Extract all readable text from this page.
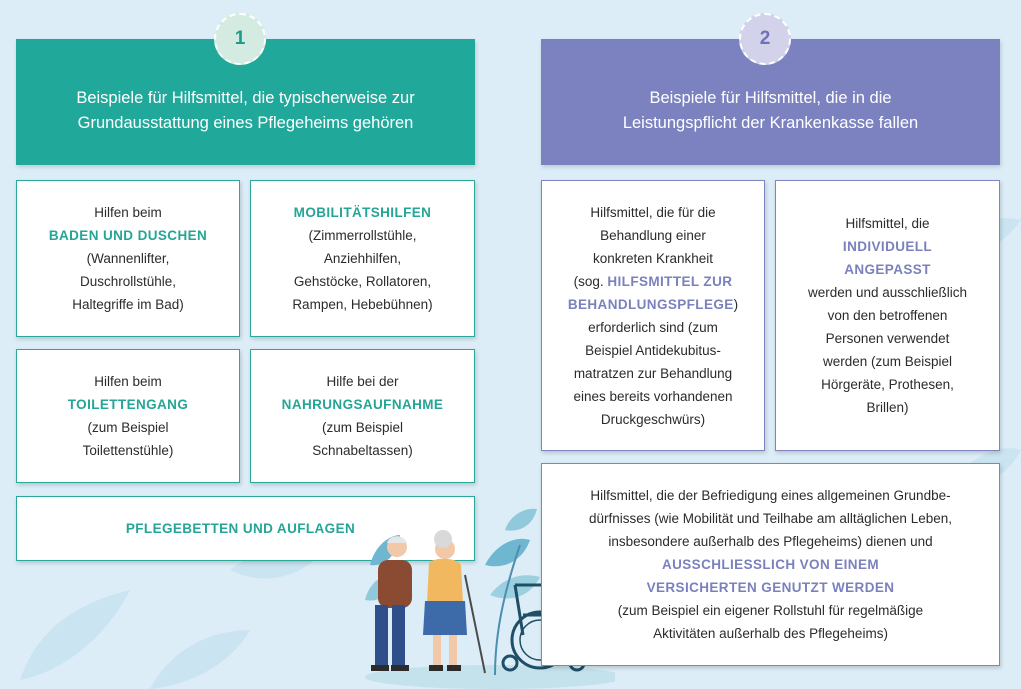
Beispiele für Hilfsmittel, die typischerweise zur
Grundausstattung eines Pflegeheims gehören
1
Hilfen beim
BADEN UND DUSCHEN
(Wannenlifter,
Duschrollstühle,
Haltegriffe im Bad)
MOBILITÄTSHILFEN
(Zimmerrollstühle,
Anziehhilfen,
Gehstöcke, Rollatoren,
Rampen, Hebebühnen)
Hilfen beim
TOILETTENGANG
(zum Beispiel
Toilettenstühle)
Hilfe bei der
NAHRUNGSAUFNAHME
(zum Beispiel
Schnabeltassen)
PFLEGEBETTEN UND AUFLAGEN
Beispiele für Hilfsmittel, die in die
Leistungspflicht der Krankenkasse fallen
2
Hilfsmittel, die für die
Behandlung einer
konkreten Krankheit
(sog. HILFSMITTEL ZUR
BEHANDLUNGSPFLEGE)
erforderlich sind (zum
Beispiel Antidekubitus-
matratzen zur Behandlung
eines bereits vorhandenen
Druckgeschwürs)
Hilfsmittel, die
INDIVIDUELL
ANGEPASST
werden und ausschließlich
von den betroffenen
Personen verwendet
werden (zum Beispiel
Hörgeräte, Prothesen,
Brillen)
Hilfsmittel, die der Befriedigung eines allgemeinen Grundbe-
dürfnisses (wie Mobilität und Teilhabe am alltäglichen Leben,
insbesondere außerhalb des Pflegeheims) dienen und
AUSSCHLIESSLICH VON EINEM
VERSICHERTEN GENUTZT WERDEN
(zum Beispiel ein eigener Rollstuhl für regelmäßige
Aktivitäten außerhalb des Pflegeheims)
